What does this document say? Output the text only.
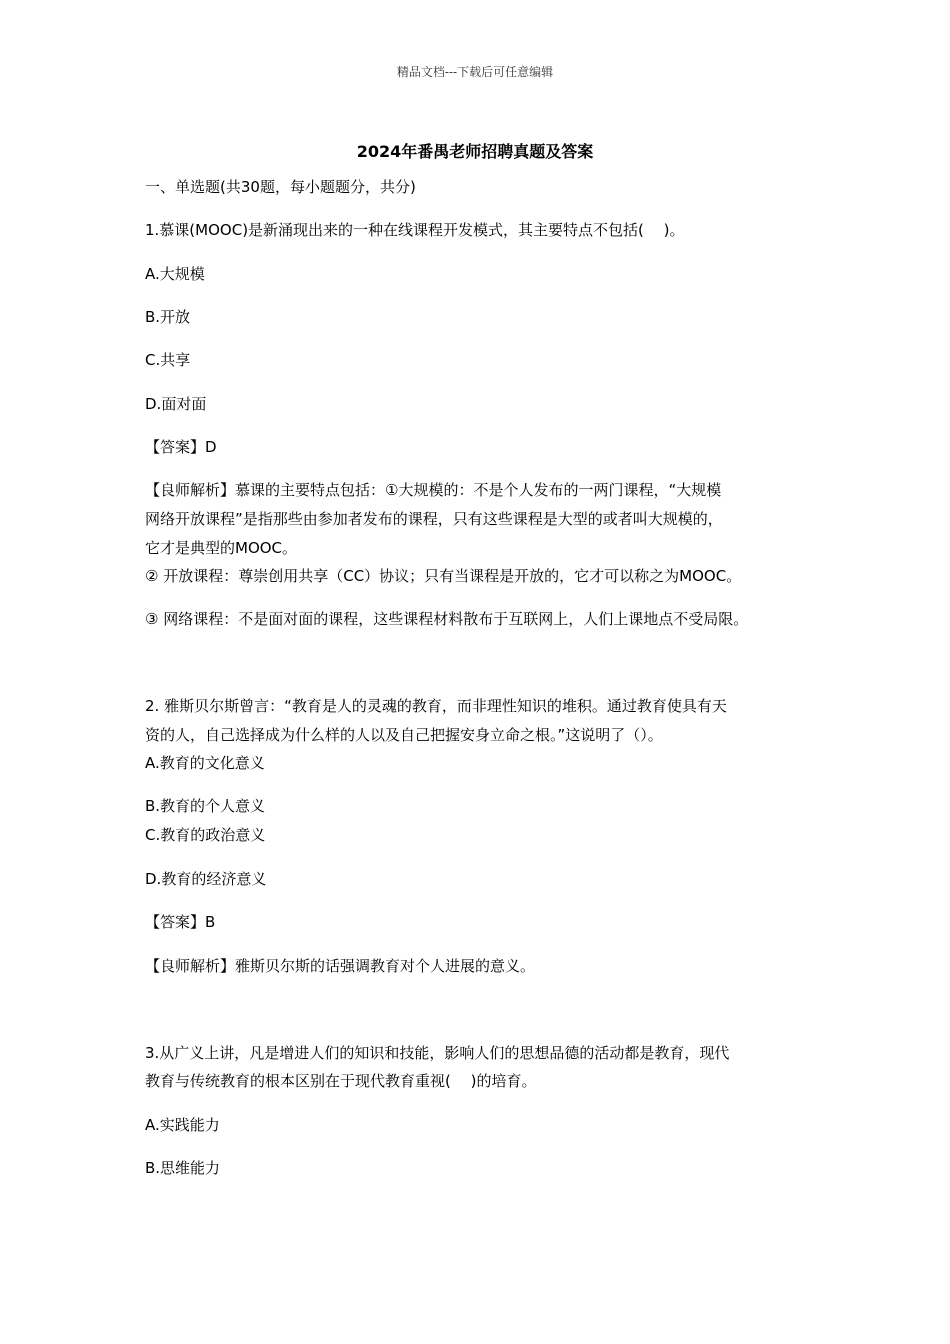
精品文档---下载后可任意编辑
2024年番禺老师招聘真题及答案
一、单选题(共30题，每小题题分，共分)
1.慕课(MOOC)是新涌现出来的一种在线课程开发模式，其主要特点不包括(　 )。
A.大规模
B.开放
C.共享
D.面对面
【答案】D
【良师解析】慕课的主要特点包括：①大规模的：不是个人发布的一两门课程，“大规模
网络开放课程”是指那些由参加者发布的课程，只有这些课程是大型的或者叫大规模的，
它才是典型的MOOC。
② 开放课程：尊崇创用共享（CC）协议；只有当课程是开放的，它才可以称之为MOOC。
③ 网络课程：不是面对面的课程，这些课程材料散布于互联网上，人们上课地点不受局限。
2. 雅斯贝尔斯曾言：“教育是人的灵魂的教育，而非理性知识的堆积。通过教育使具有天
资的人，自己选择成为什么样的人以及自己把握安身立命之根。”这说明了（）。
A.教育的文化意义
B.教育的个人意义
C.教育的政治意义
D.教育的经济意义
【答案】B
【良师解析】雅斯贝尔斯的话强调教育对个人进展的意义。
3.从广义上讲，凡是增进人们的知识和技能，影响人们的思想品德的活动都是教育，现代
教育与传统教育的根本区别在于现代教育重视(　 )的培育。
A.实践能力
B.思维能力
